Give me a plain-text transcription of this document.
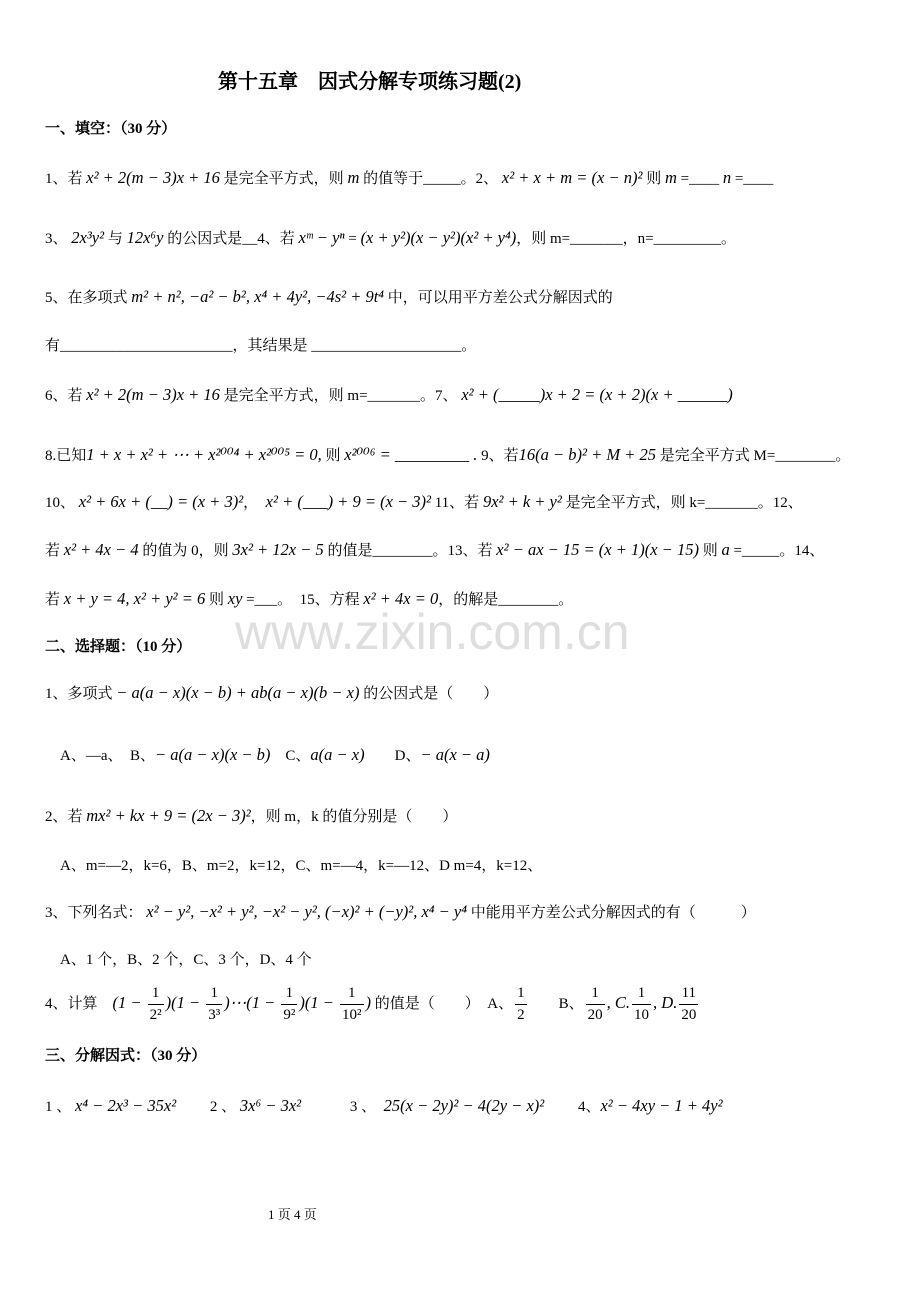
www.zixin.com.cn
第十五章　因式分解专项练习题(2)
一、填空：（30 分）
1、若 x² + 2(m − 3)x + 16 是完全平方式，则 m 的值等于_____。2、 x² + x + m = (x − n)² 则 m =____ n =____
3、 2x³y² 与 12x⁶y 的公因式是__4、若 xᵐ − yⁿ = (x + y²)(x − y²)(x² + y⁴)，则 m=_______，n=_________。
5、在多项式 m² + n², −a² − b², x⁴ + 4y², −4s² + 9t⁴ 中，可以用平方差公式分解因式的
有_______________________，其结果是 ____________________。
6、若 x² + 2(m − 3)x + 16 是完全平方式，则 m=_______。7、 x² + (_____)x + 2 = (x + 2)(x + ______)
8.已知1 + x + x² + ⋯ + x²⁰⁰⁴ + x²⁰⁰⁵ = 0, 则 x²⁰⁰⁶ = _________ . 9、若16(a − b)² + M + 25 是完全平方式 M=________。
10、 x² + 6x + (__) = (x + 3)²，　x² + (___) + 9 = (x − 3)² 11、若 9x² + k + y² 是完全平方式，则 k=_______。12、
若 x² + 4x − 4 的值为 0，则 3x² + 12x − 5 的值是________。13、若 x² − ax − 15 = (x + 1)(x − 15) 则 a =_____。14、
若 x + y = 4, x² + y² = 6 则 xy =___。　15、方程 x² + 4x = 0，的解是________。
二、选择题：（10 分）
1、多项式 − a(a − x)(x − b) + ab(a − x)(b − x) 的公因式是（　　）
A、—a、　B、− a(a − x)(x − b)　C、a(a − x)　　D、− a(x − a)
2、若 mx² + kx + 9 = (2x − 3)²，则 m，k 的值分别是（　　）
A、m=—2，k=6，B、m=2，k=12，C、m=—4，k=—12、D m=4，k=12、
3、下列名式： x² − y², −x² + y², −x² − y², (−x)² + (−y)², x⁴ − y⁴ 中能用平方差公式分解因式的有（　　　）
A、1 个，B、2 个，C、3 个，D、4 个
4、计算　$(1 - \frac{1}{\text{2²}} )(1 - \frac{1}{\text{3³}}$ )⋯(1 − $\frac{1}{\text{9²}} )(1 - \frac{1}{\text{10²}}$ ) 的值是（　　）　A、 $\frac{1}{2}$ 　　B、 $\frac{1}{20}$ , C. $\frac{1}{10}$ , D. $\frac{11}{20}$
三、分解因式：（30 分）
1 、 x⁴ − 2x³ − 35x²　　 2 、 3x⁶ − 3x²　　　 3 、　25(x − 2y)² − 4(2y − x)²　　 4、x² − 4xy − 1 + 4y²
1 页 4 页
